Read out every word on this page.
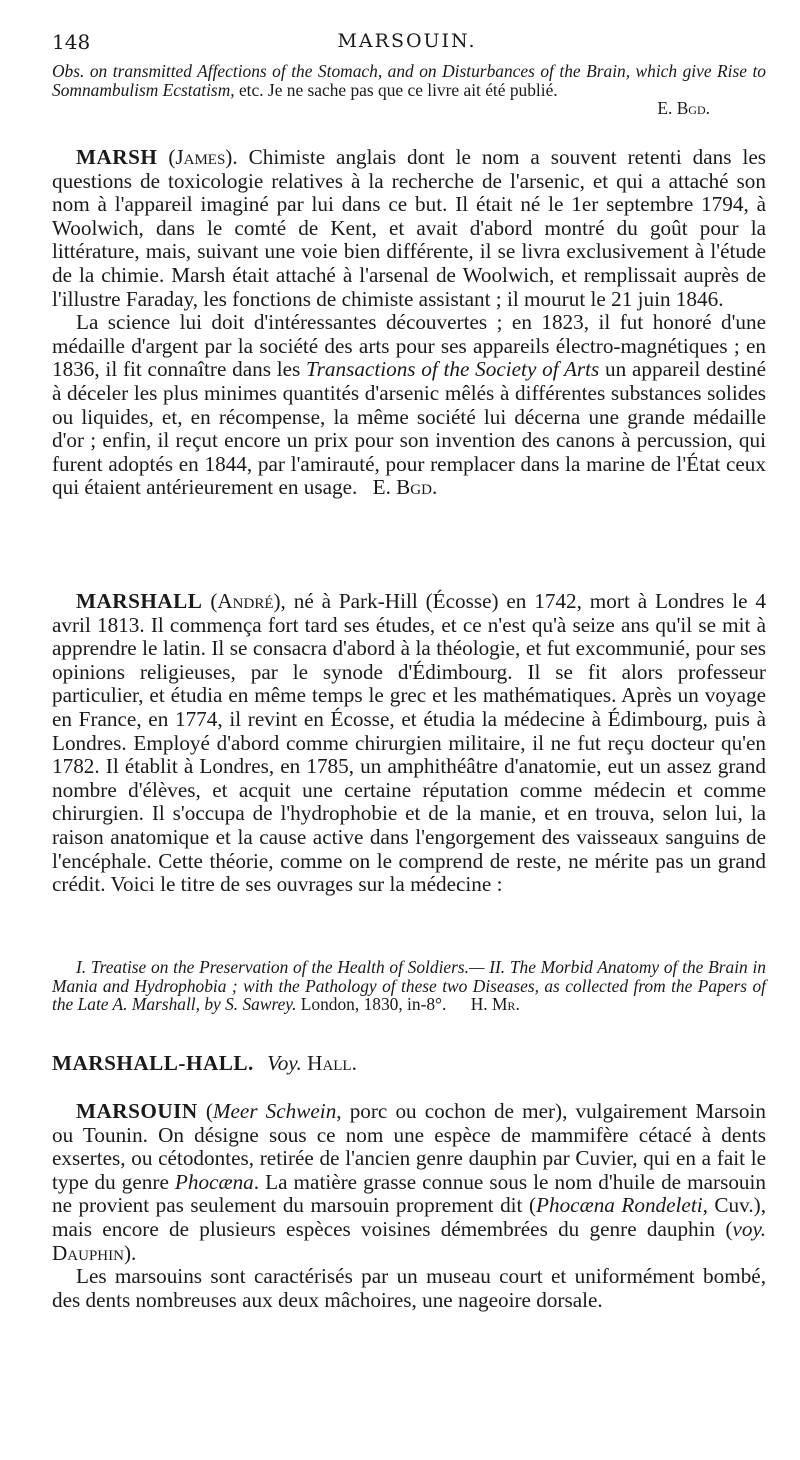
148	MARSOUIN.

Obs. on transmitted Affections of the Stomach, and on Disturbances of the Brain, which give Rise to Somnambulism Ecstatism, etc. Je ne sache pas que ce livre ait été publié.

E. Bgd.

MARSH (James). Chimiste anglais dont le nom a souvent retenti dans les questions de toxicologie relatives à la recherche de l'arsenic, et qui a attaché son nom à l'appareil imaginé par lui dans ce but. Il était né le 1er septembre 1794, à Woolwich, dans le comté de Kent, et avait d'abord montré du goût pour la littérature, mais, suivant une voie bien différente, il se livra exclusivement à l'étude de la chimie. Marsh était attaché à l'arsenal de Woolwich, et remplissait auprès de l'illustre Faraday, les fonctions de chimiste assistant ; il mourut le 21 juin 1846.

La science lui doit d'intéressantes découvertes ; en 1823, il fut honoré d'une médaille d'argent par la société des arts pour ses appareils électro-magnétiques ; en 1836, il fit connaître dans les Transactions of the Society of Arts un appareil destiné à déceler les plus minimes quantités d'arsenic mêlés à différentes substances solides ou liquides, et, en récompense, la même société lui décerna une grande médaille d'or ; enfin, il reçut encore un prix pour son invention des canons à percussion, qui furent adoptés en 1844, par l'amirauté, pour remplacer dans la marine de l'État ceux qui étaient antérieurement en usage. E. Bgd.

MARSHALL (André), né à Park-Hill (Écosse) en 1742, mort à Londres le 4 avril 1813. Il commença fort tard ses études, et ce n'est qu'à seize ans qu'il se mit à apprendre le latin. Il se consacra d'abord à la théologie, et fut excommunié, pour ses opinions religieuses, par le synode d'Édimbourg. Il se fit alors professeur particulier, et étudia en même temps le grec et les mathématiques. Après un voyage en France, en 1774, il revint en Écosse, et étudia la médecine à Édimbourg, puis à Londres. Employé d'abord comme chirurgien militaire, il ne fut reçu docteur qu'en 1782. Il établit à Londres, en 1785, un amphithéâtre d'anatomie, eut un assez grand nombre d'élèves, et acquit une certaine réputation comme médecin et comme chirurgien. Il s'occupa de l'hydrophobie et de la manie, et en trouva, selon lui, la raison anatomique et la cause active dans l'engorgement des vaisseaux sanguins de l'encéphale. Cette théorie, comme on le comprend de reste, ne mérite pas un grand crédit. Voici le titre de ses ouvrages sur la médecine :

I. Treatise on the Preservation of the Health of Soldiers.— II. The Morbid Anatomy of the Brain in Mania and Hydrophobia ; with the Pathology of these two Diseases, as collected from the Papers of the Late A. Marshall, by S. Sawrey. London, 1830, in-8°. H. Mr.

MARSHALL-HALL. Voy. Hall.

MARSOUIN (Meer Schwein, porc ou cochon de mer), vulgairement Marsoin ou Tounin. On désigne sous ce nom une espèce de mammifère cétacé à dents exsertes, ou cétodontes, retirée de l'ancien genre dauphin par Cuvier, qui en a fait le type du genre Phocæna. La matière grasse connue sous le nom d'huile de marsouin ne provient pas seulement du marsouin proprement dit (Phocæna Rondeleti, Cuv.), mais encore de plusieurs espèces voisines démembrées du genre dauphin (voy. Dauphin).

Les marsouins sont caractérisés par un museau court et uniformément bombé, des dents nombreuses aux deux mâchoires, une nageoire dorsale.
